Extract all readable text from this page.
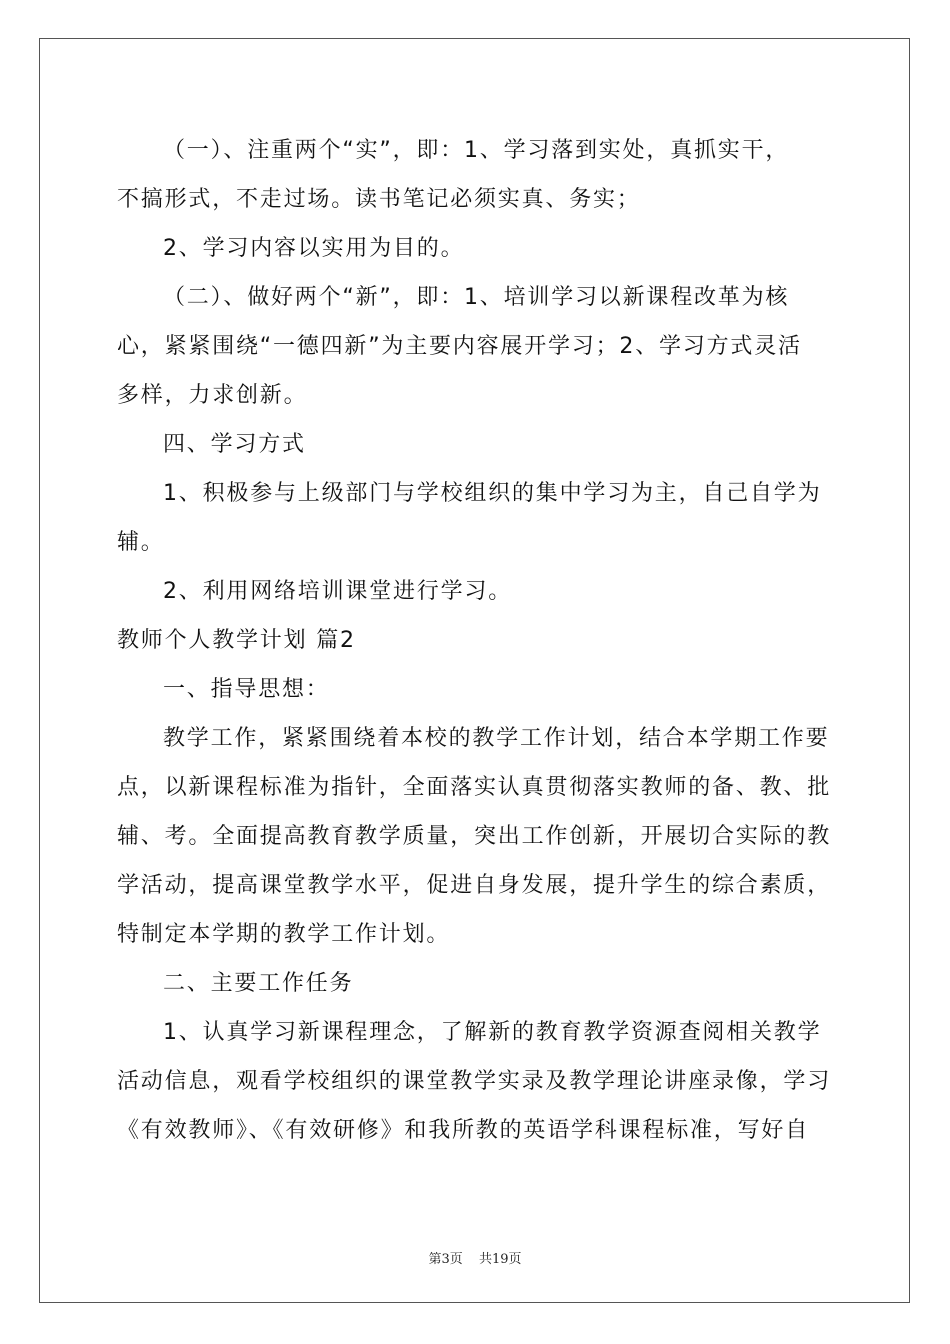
（一）、注重两个“实”，即：1、学习落到实处，真抓实干，
不搞形式，不走过场。读书笔记必须实真、务实；
2、学习内容以实用为目的。
（二）、做好两个“新”，即：1、培训学习以新课程改革为核
心，紧紧围绕“一德四新”为主要内容展开学习；2、学习方式灵活
多样，力求创新。
四、学习方式
1、积极参与上级部门与学校组织的集中学习为主，自己自学为
辅。
2、利用网络培训课堂进行学习。
教师个人教学计划 篇2
一、指导思想：
教学工作，紧紧围绕着本校的教学工作计划，结合本学期工作要
点，以新课程标准为指针，全面落实认真贯彻落实教师的备、教、批
辅、考。全面提高教育教学质量，突出工作创新，开展切合实际的教
学活动，提高课堂教学水平，促进自身发展，提升学生的综合素质，
特制定本学期的教学工作计划。
二、主要工作任务
1、认真学习新课程理念，了解新的教育教学资源查阅相关教学
活动信息，观看学校组织的课堂教学实录及教学理论讲座录像，学习
《有效教师》、《有效研修》和我所教的英语学科课程标准，写好自
第3页 共19页
